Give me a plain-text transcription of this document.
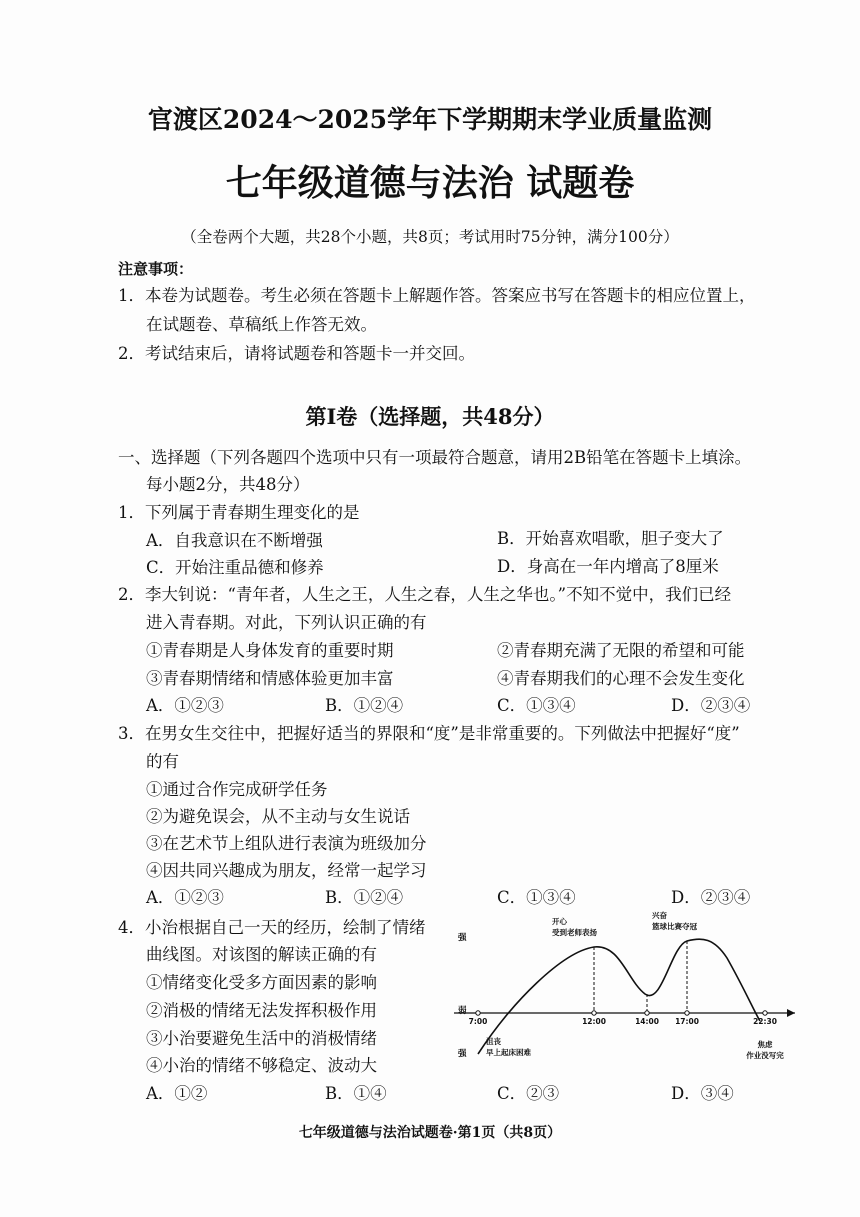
官渡区2024～2025学年下学期期末学业质量监测
七年级道德与法治 试题卷
（全卷两个大题，共28个小题，共8页；考试用时75分钟，满分100分）
注意事项：
1．本卷为试题卷。考生必须在答题卡上解题作答。答案应书写在答题卡的相应位置上，
在试题卷、草稿纸上作答无效。
2．考试结束后，请将试题卷和答题卡一并交回。
第Ⅰ卷（选择题，共48分）
一、选择题（下列各题四个选项中只有一项最符合题意，请用2B铅笔在答题卡上填涂。
每小题2分，共48分）
1．下列属于青春期生理变化的是
A．自我意识在不断增强	B．开始喜欢唱歌，胆子变大了
C．开始注重品德和修养	D．身高在一年内增高了8厘米
2．李大钊说：“青年者，人生之王，人生之春，人生之华也。”不知不觉中，我们已经
进入青春期。对此，下列认识正确的有
①青春期是人身体发育的重要时期	②青春期充满了无限的希望和可能
③青春期情绪和情感体验更加丰富	④青春期我们的心理不会发生变化
A．①②③	B．①②④	C．①③④	D．②③④
3．在男女生交往中，把握好适当的界限和“度”是非常重要的。下列做法中把握好“度”
的有
①通过合作完成研学任务
②为避免误会，从不主动与女生说话
③在艺术节上组队进行表演为班级加分
④因共同兴趣成为朋友，经常一起学习
A．①②③	B．①②④	C．①③④	D．②③④
4．小治根据自己一天的经历，绘制了情绪
曲线图。对该图的解读正确的有
①情绪变化受多方面因素的影响
②消极的情绪无法发挥积极作用
③小治要避免生活中的消极情绪
④小治的情绪不够稳定、波动大
A．①②	B．①④	C．②③	D．③④
强
弱
强
7:00	12:00	14:00 17:00	22:30
沮丧
早上起床困难
开心
受到老师表扬
兴奋
篮球比赛夺冠
焦虑
作业没写完
七年级道德与法治试题卷·第1页（共8页）
